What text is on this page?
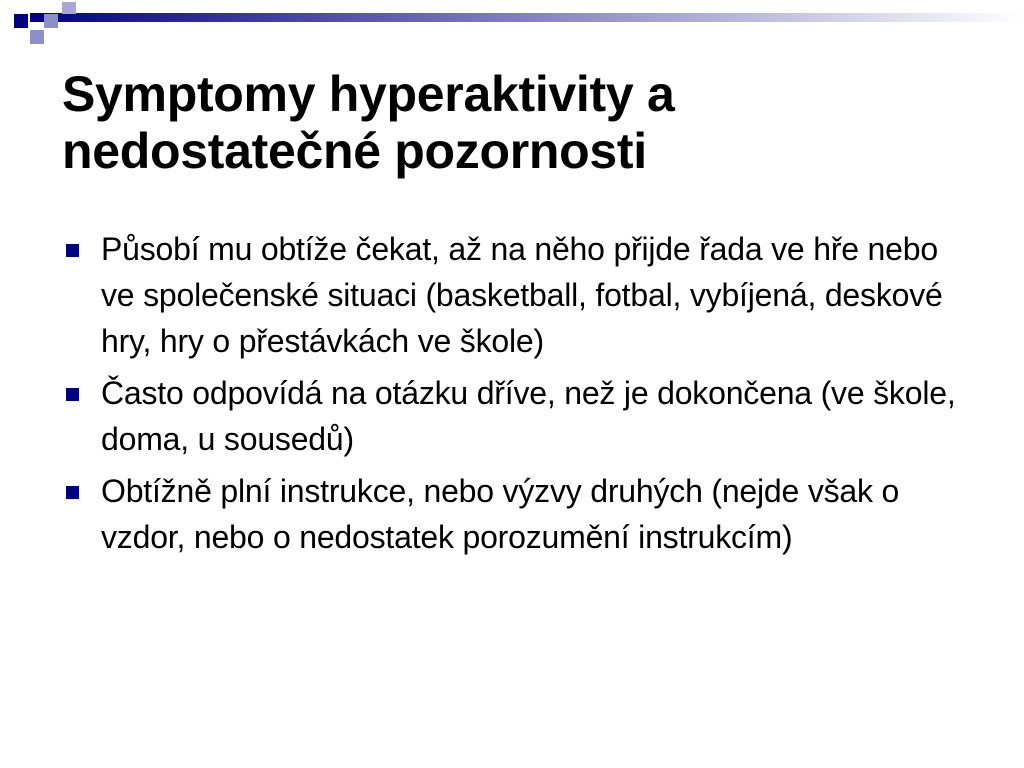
Symptomy hyperaktivity a
nedostatečné pozornosti
Působí mu obtíže čekat, až na něho přijde řada ve hře nebo ve společenské situaci (basketball, fotbal, vybíjená, deskové hry, hry o přestávkách ve škole)
Často odpovídá na otázku dříve, než je dokončena (ve škole, doma, u sousedů)
Obtížně plní instrukce, nebo výzvy druhých (nejde však o vzdor, nebo o nedostatek porozumění instrukcím)
